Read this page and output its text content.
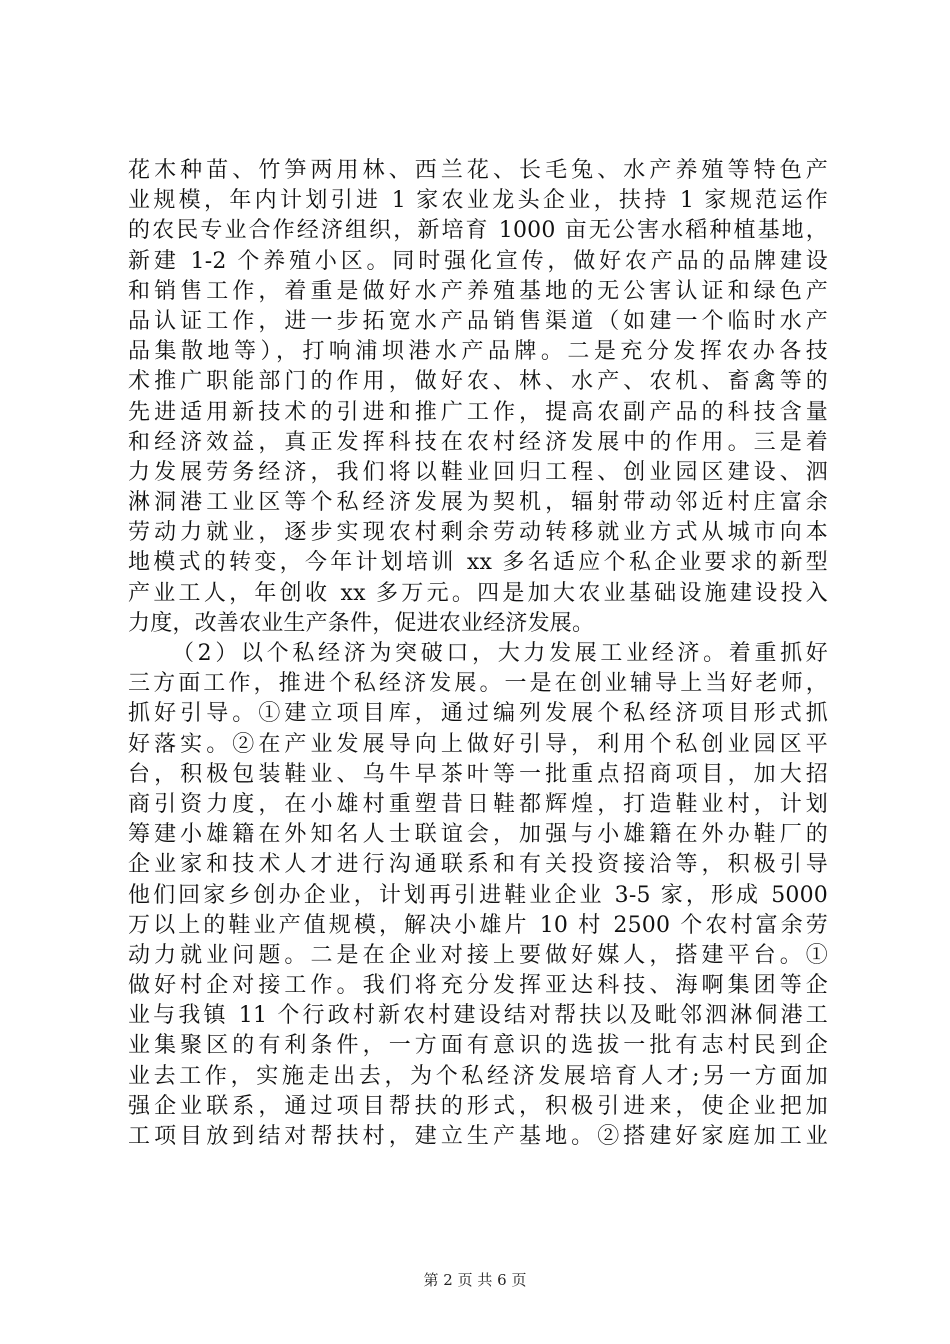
花木种苗、竹笋两用林、西兰花、长毛兔、水产养殖等特色产
业规模，年内计划引进 1 家农业龙头企业，扶持 1 家规范运作
的农民专业合作经济组织，新培育 1000 亩无公害水稻种植基地，
新建 1-2 个养殖小区。同时强化宣传，做好农产品的品牌建设
和销售工作，着重是做好水产养殖基地的无公害认证和绿色产
品认证工作，进一步拓宽水产品销售渠道（如建一个临时水产
品集散地等），打响浦坝港水产品牌。二是充分发挥农办各技
术推广职能部门的作用，做好农、林、水产、农机、畜禽等的
先进适用新技术的引进和推广工作，提高农副产品的科技含量
和经济效益，真正发挥科技在农村经济发展中的作用。三是着
力发展劳务经济，我们将以鞋业回归工程、创业园区建设、泗
淋洞港工业区等个私经济发展为契机，辐射带动邻近村庄富余
劳动力就业，逐步实现农村剩余劳动转移就业方式从城市向本
地模式的转变，今年计划培训 xx 多名适应个私企业要求的新型
产业工人，年创收 xx 多万元。四是加大农业基础设施建设投入
力度，改善农业生产条件，促进农业经济发展。
（2）以个私经济为突破口，大力发展工业经济。着重抓好
三方面工作，推进个私经济发展。一是在创业辅导上当好老师，
抓好引导。①建立项目库，通过编列发展个私经济项目形式抓
好落实。②在产业发展导向上做好引导，利用个私创业园区平
台，积极包装鞋业、乌牛早茶叶等一批重点招商项目，加大招
商引资力度，在小雄村重塑昔日鞋都辉煌，打造鞋业村，计划
筹建小雄籍在外知名人士联谊会，加强与小雄籍在外办鞋厂的
企业家和技术人才进行沟通联系和有关投资接洽等，积极引导
他们回家乡创办企业，计划再引进鞋业企业 3-5 家，形成 5000
万以上的鞋业产值规模，解决小雄片 10 村 2500 个农村富余劳
动力就业问题。二是在企业对接上要做好媒人，搭建平台。①
做好村企对接工作。我们将充分发挥亚达科技、海啊集团等企
业与我镇 11 个行政村新农村建设结对帮扶以及毗邻泗淋侗港工
业集聚区的有利条件，一方面有意识的选拔一批有志村民到企
业去工作，实施走出去，为个私经济发展培育人才;另一方面加
强企业联系，通过项目帮扶的形式，积极引进来，使企业把加
工项目放到结对帮扶村，建立生产基地。②搭建好家庭加工业
第 2 页 共 6 页
